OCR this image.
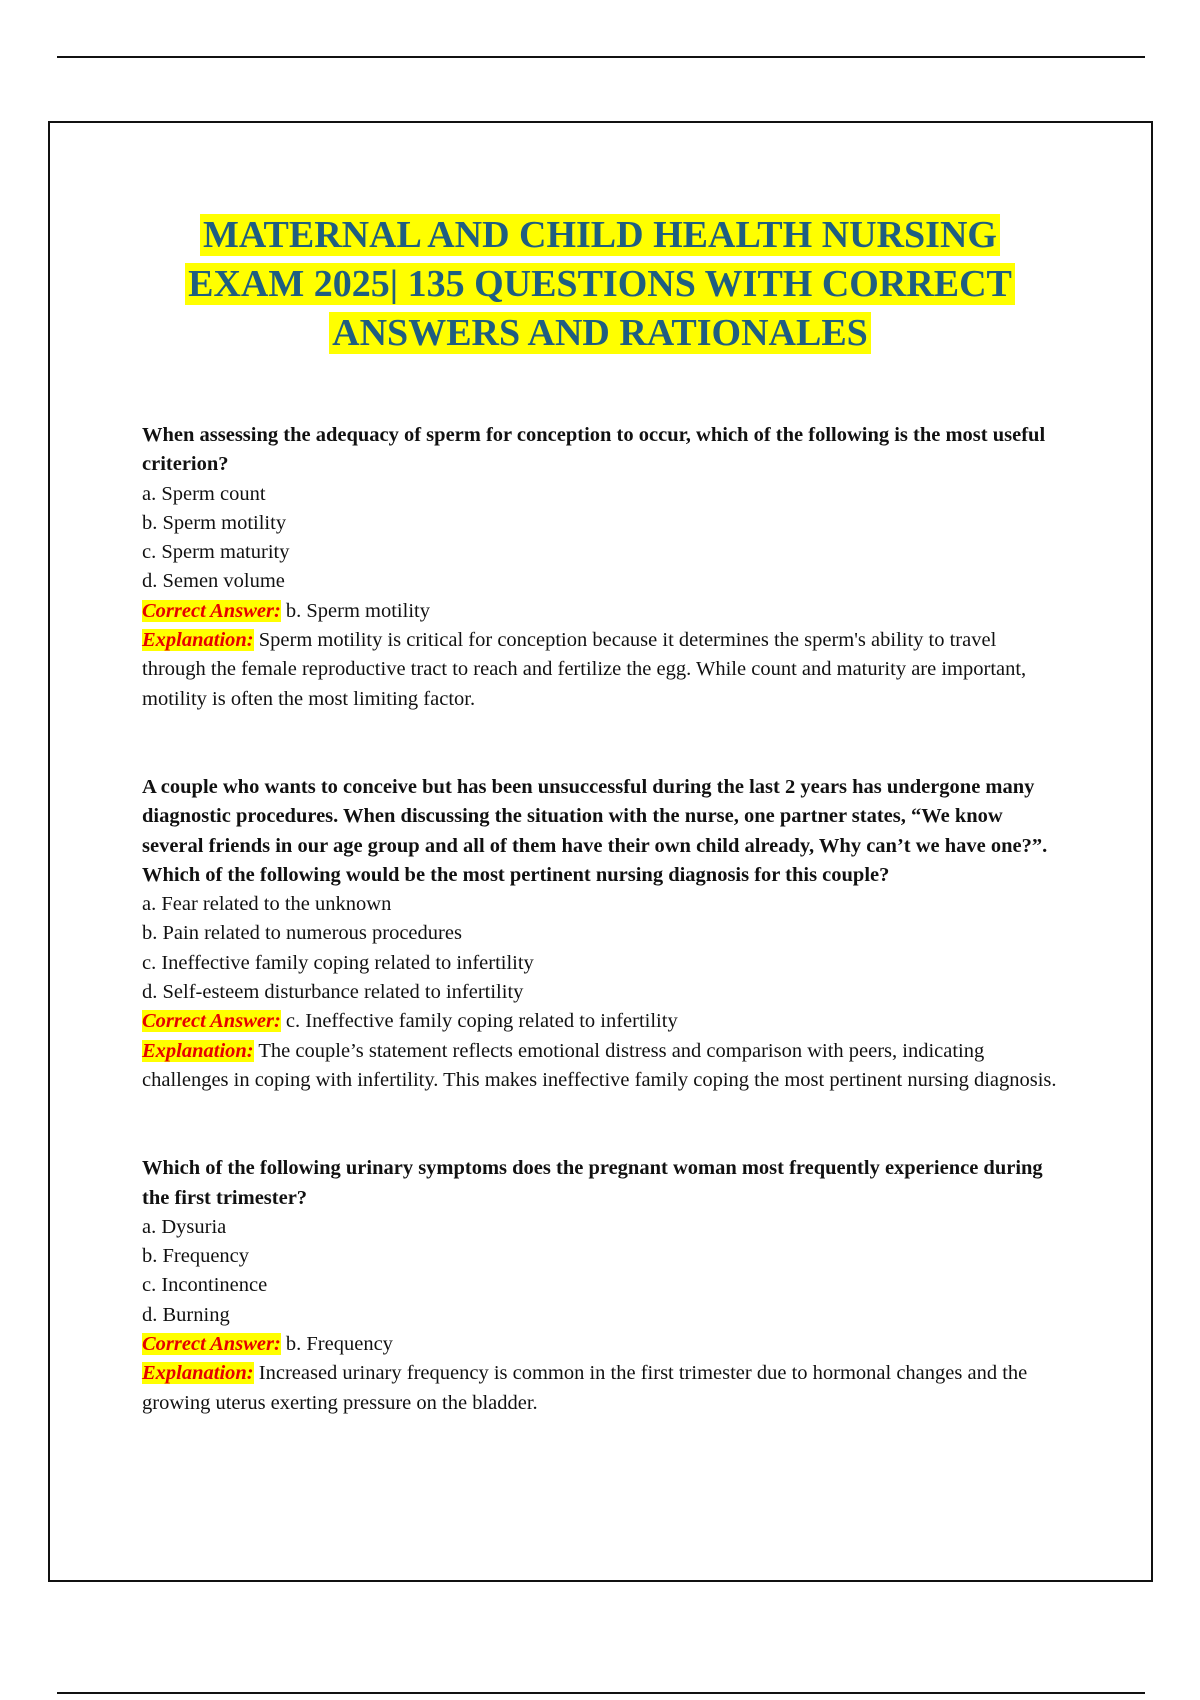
MATERNAL AND CHILD HEALTH NURSING
EXAM 2025| 135 QUESTIONS WITH CORRECT
ANSWERS AND RATIONALES
When assessing the adequacy of sperm for conception to occur, which of the following is the most useful criterion?
a. Sperm count
b. Sperm motility
c. Sperm maturity
d. Semen volume
Correct Answer: b. Sperm motility
Explanation: Sperm motility is critical for conception because it determines the sperm's ability to travel through the female reproductive tract to reach and fertilize the egg. While count and maturity are important, motility is often the most limiting factor.
A couple who wants to conceive but has been unsuccessful during the last 2 years has undergone many diagnostic procedures. When discussing the situation with the nurse, one partner states, “We know several friends in our age group and all of them have their own child already, Why can’t we have one?”. Which of the following would be the most pertinent nursing diagnosis for this couple?
a. Fear related to the unknown
b. Pain related to numerous procedures
c. Ineffective family coping related to infertility
d. Self-esteem disturbance related to infertility
Correct Answer: c. Ineffective family coping related to infertility
Explanation: The couple’s statement reflects emotional distress and comparison with peers, indicating challenges in coping with infertility. This makes ineffective family coping the most pertinent nursing diagnosis.
Which of the following urinary symptoms does the pregnant woman most frequently experience during the first trimester?
a. Dysuria
b. Frequency
c. Incontinence
d. Burning
Correct Answer: b. Frequency
Explanation: Increased urinary frequency is common in the first trimester due to hormonal changes and the growing uterus exerting pressure on the bladder.
